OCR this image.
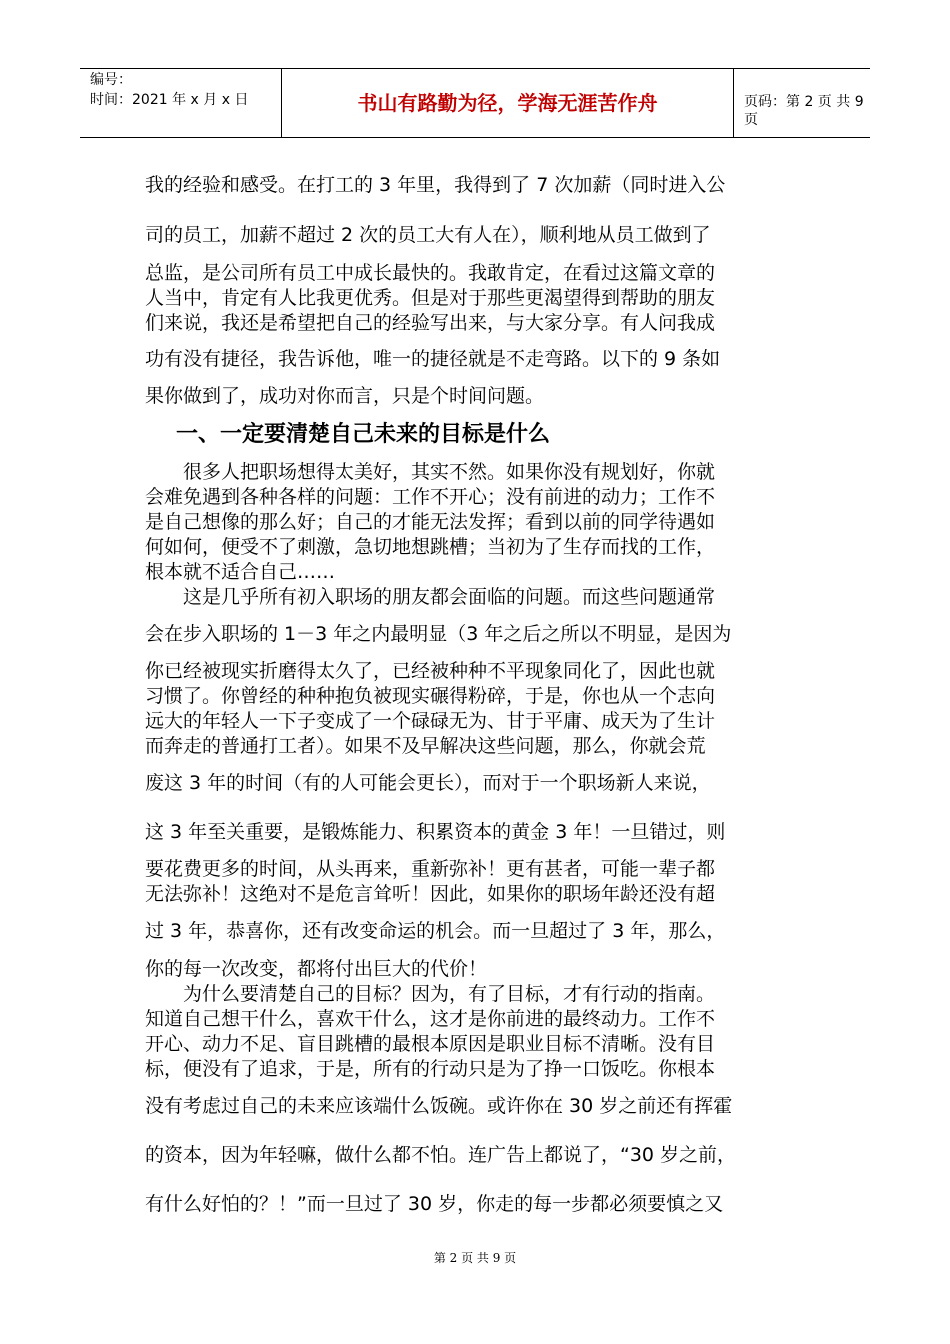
编号：
时间：2021 年 x 月 x 日	书山有路勤为径，学海无涯苦作舟	页码：第 2 页 共 9 页
我的经验和感受。在打工的 3 年里，我得到了 7 次加薪（同时进入公
司的员工，加薪不超过 2 次的员工大有人在），顺利地从员工做到了
总监，是公司所有员工中成长最快的。我敢肯定，在看过这篇文章的
人当中，肯定有人比我更优秀。但是对于那些更渴望得到帮助的朋友
们来说，我还是希望把自己的经验写出来，与大家分享。有人问我成
功有没有捷径，我告诉他，唯一的捷径就是不走弯路。以下的 9 条如
果你做到了，成功对你而言，只是个时间问题。
一、一定要清楚自己未来的目标是什么
很多人把职场想得太美好，其实不然。如果你没有规划好，你就
会难免遇到各种各样的问题：工作不开心；没有前进的动力；工作不
是自己想像的那么好；自己的才能无法发挥；看到以前的同学待遇如
何如何，便受不了刺激，急切地想跳槽；当初为了生存而找的工作，
根本就不适合自己……
这是几乎所有初入职场的朋友都会面临的问题。而这些问题通常
会在步入职场的 1－3 年之内最明显（3 年之后之所以不明显，是因为
你已经被现实折磨得太久了，已经被种种不平现象同化了，因此也就
习惯了。你曾经的种种抱负被现实碾得粉碎，于是，你也从一个志向
远大的年轻人一下子变成了一个碌碌无为、甘于平庸、成天为了生计
而奔走的普通打工者）。如果不及早解决这些问题，那么，你就会荒
废这 3 年的时间（有的人可能会更长），而对于一个职场新人来说，
这 3 年至关重要，是锻炼能力、积累资本的黄金 3 年！一旦错过，则
要花费更多的时间，从头再来，重新弥补！更有甚者，可能一辈子都
无法弥补！这绝对不是危言耸听！因此，如果你的职场年龄还没有超
过 3 年，恭喜你，还有改变命运的机会。而一旦超过了 3 年，那么，
你的每一次改变，都将付出巨大的代价！
为什么要清楚自己的目标？因为，有了目标，才有行动的指南。
知道自己想干什么，喜欢干什么，这才是你前进的最终动力。工作不
开心、动力不足、盲目跳槽的最根本原因是职业目标不清晰。没有目
标，便没有了追求，于是，所有的行动只是为了挣一口饭吃。你根本
没有考虑过自己的未来应该端什么饭碗。或许你在 30 岁之前还有挥霍
的资本，因为年轻嘛，做什么都不怕。连广告上都说了，“30 岁之前，
有什么好怕的？！”而一旦过了 30 岁，你走的每一步都必须要慎之又
第 2 页 共 9 页
